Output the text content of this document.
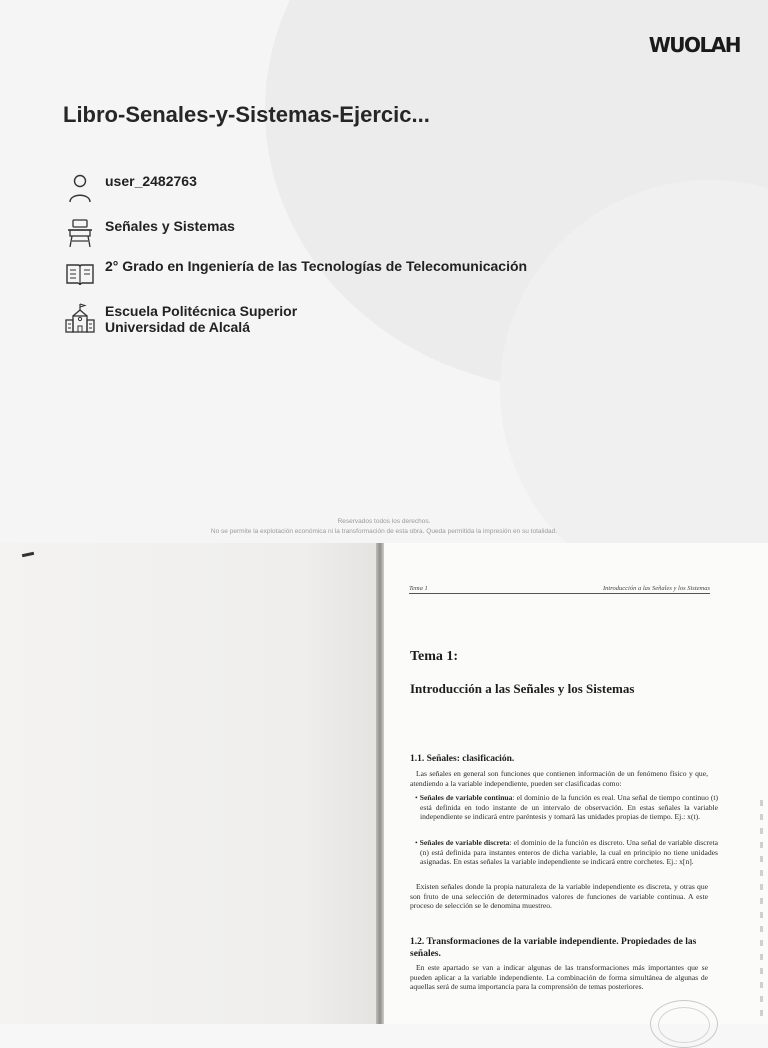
WUOLAH
Libro-Senales-y-Sistemas-Ejercic...
user_2482763
Señales y Sistemas
2° Grado en Ingeniería de las Tecnologías de Telecomunicación
Escuela Politécnica Superior
Universidad de Alcalá
Reservados todos los derechos.
No se permite la explotación económica ni la transformación de esta obra. Queda permitida la impresión en su totalidad.
Tema 1	Introducción a las Señales y los Sistemas
Tema 1:
Introducción a las Señales y los Sistemas
1.1. Señales: clasificación.
Las señales en general son funciones que contienen información de un fenómeno físico y que, atendiendo a la variable independiente, pueden ser clasificadas como:
• Señales de variable continua: el dominio de la función es real. Una señal de tiempo continuo (t) está definida en todo instante de un intervalo de observación. En estas señales la variable independiente se indicará entre paréntesis y tomará las unidades propias de tiempo. Ej.: x(t).
• Señales de variable discreta: el dominio de la función es discreto. Una señal de variable discreta (n) está definida para instantes enteros de dicha variable, la cual en principio no tiene unidades asignadas. En estas señales la variable independiente se indicará entre corchetes. Ej.: x[n].
Existen señales donde la propia naturaleza de la variable independiente es discreta, y otras que son fruto de una selección de determinados valores de funciones de variable continua. A este proceso de selección se le denomina muestreo.
1.2. Transformaciones de la variable independiente. Propiedades de las señales.
En este apartado se van a indicar algunas de las transformaciones más importantes que se pueden aplicar a la variable independiente. La combinación de forma simultánea de algunas de aquellas será de suma importancia para la comprensión de temas posteriores.
